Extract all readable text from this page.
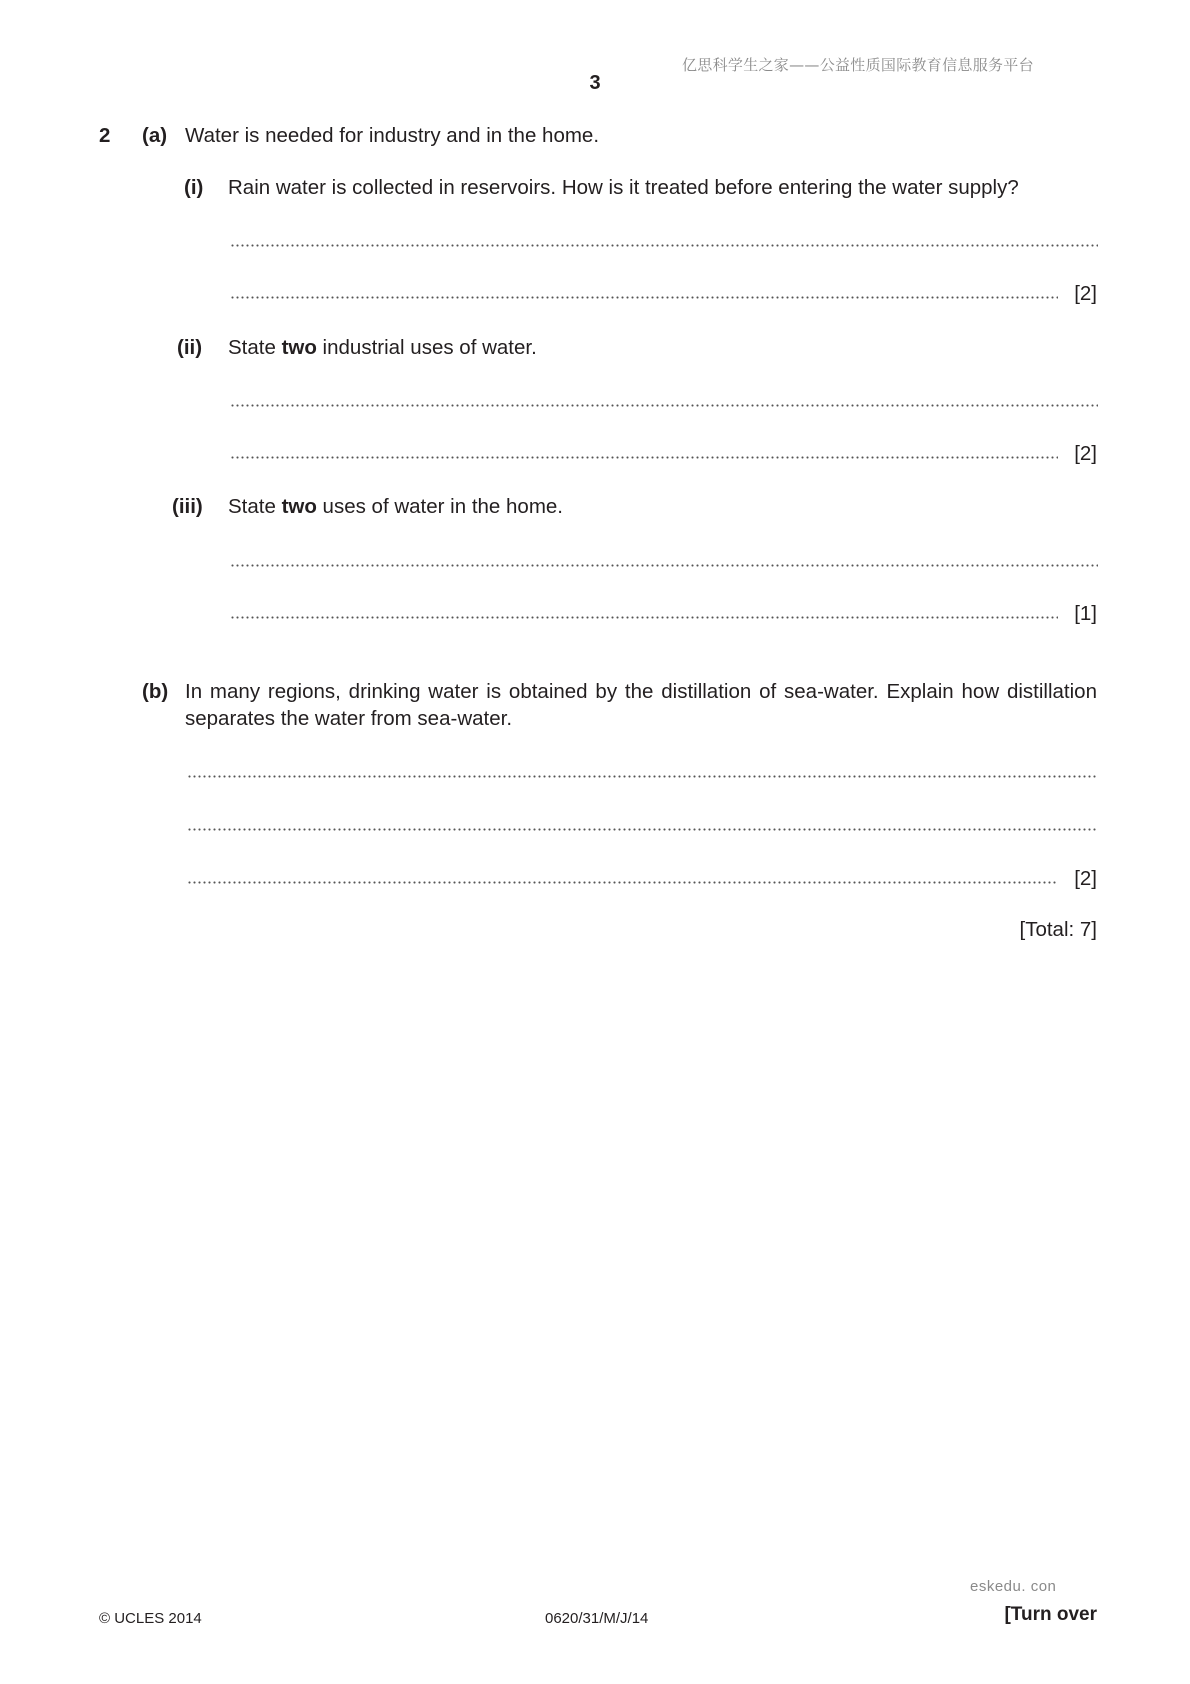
亿思科学生之家——公益性质国际教育信息服务平台
3
2 (a) Water is needed for industry and in the home.
(i) Rain water is collected in reservoirs. How is it treated before entering the water supply?
[2]
(ii) State two industrial uses of water.
[2]
(iii) State two uses of water in the home.
[1]
(b) In many regions, drinking water is obtained by the distillation of sea-water. Explain how distillation separates the water from sea-water.
[2]
[Total: 7]
eskedu. con
© UCLES 2014	0620/31/M/J/14	[Turn over
